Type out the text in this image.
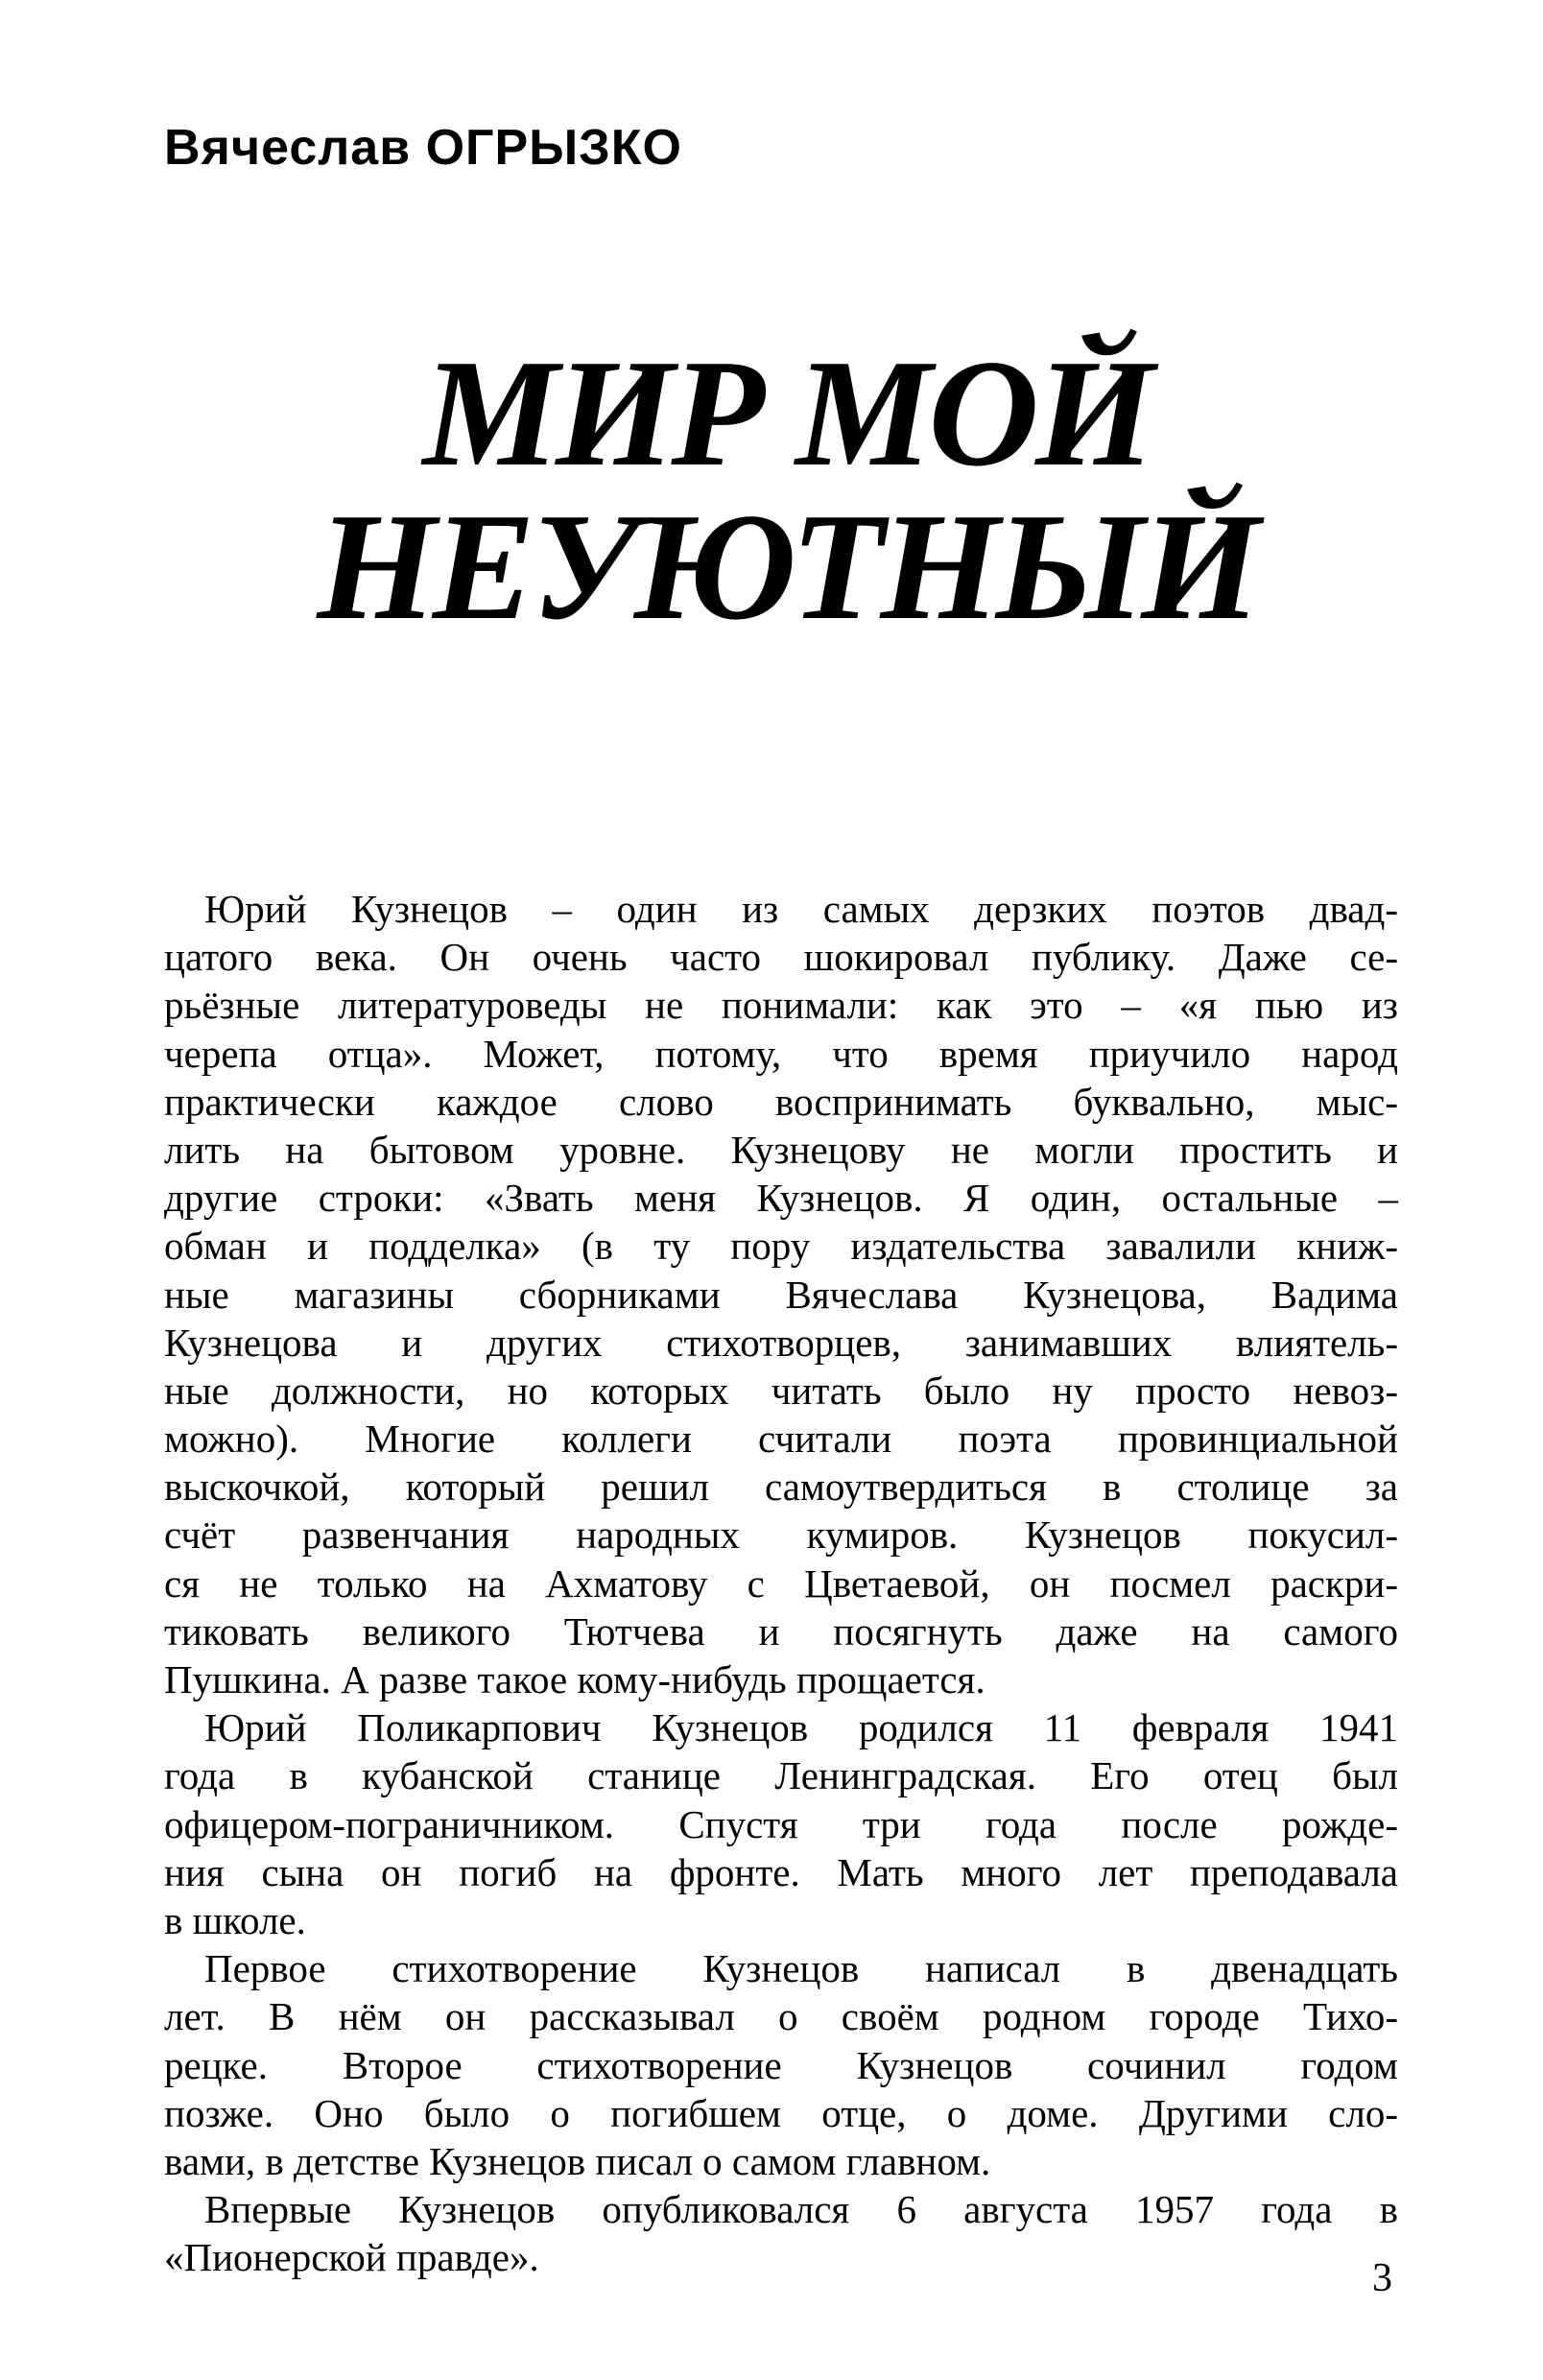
Вячеслав ОГРЫЗКО
МИР МОЙ
НЕУЮТНЫЙ
Юрий Кузнецов – один из самых дерзких поэтов двад-
цатого века. Он очень часто шокировал публику. Даже се-
рьёзные литературоведы не понимали: как это – «я пью из
черепа отца». Может, потому, что время приучило народ
практически каждое слово воспринимать буквально, мыс-
лить на бытовом уровне. Кузнецову не могли простить и
другие строки: «Звать меня Кузнецов. Я один, остальные –
обман и подделка» (в ту пору издательства завалили книж-
ные магазины сборниками Вячеслава Кузнецова, Вадима
Кузнецова и других стихотворцев, занимавших влиятель-
ные должности, но которых читать было ну просто невоз-
можно). Многие коллеги считали поэта провинциальной
выскочкой, который решил самоутвердиться в столице за
счёт развенчания народных кумиров. Кузнецов покусил-
ся не только на Ахматову с Цветаевой, он посмел раскри-
тиковать великого Тютчева и посягнуть даже на самого
Пушкина. А разве такое кому-нибудь прощается.
Юрий Поликарпович Кузнецов родился 11 февраля 1941
года в кубанской станице Ленинградская. Его отец был
офицером-пограничником. Спустя три года после рожде-
ния сына он погиб на фронте. Мать много лет преподавала
в школе.
Первое стихотворение Кузнецов написал в двенадцать
лет. В нём он рассказывал о своём родном городе Тихо-
рецке. Второе стихотворение Кузнецов сочинил годом
позже. Оно было о погибшем отце, о доме. Другими сло-
вами, в детстве Кузнецов писал о самом главном.
Впервые Кузнецов опубликовался 6 августа 1957 года в
«Пионерской правде».	3
